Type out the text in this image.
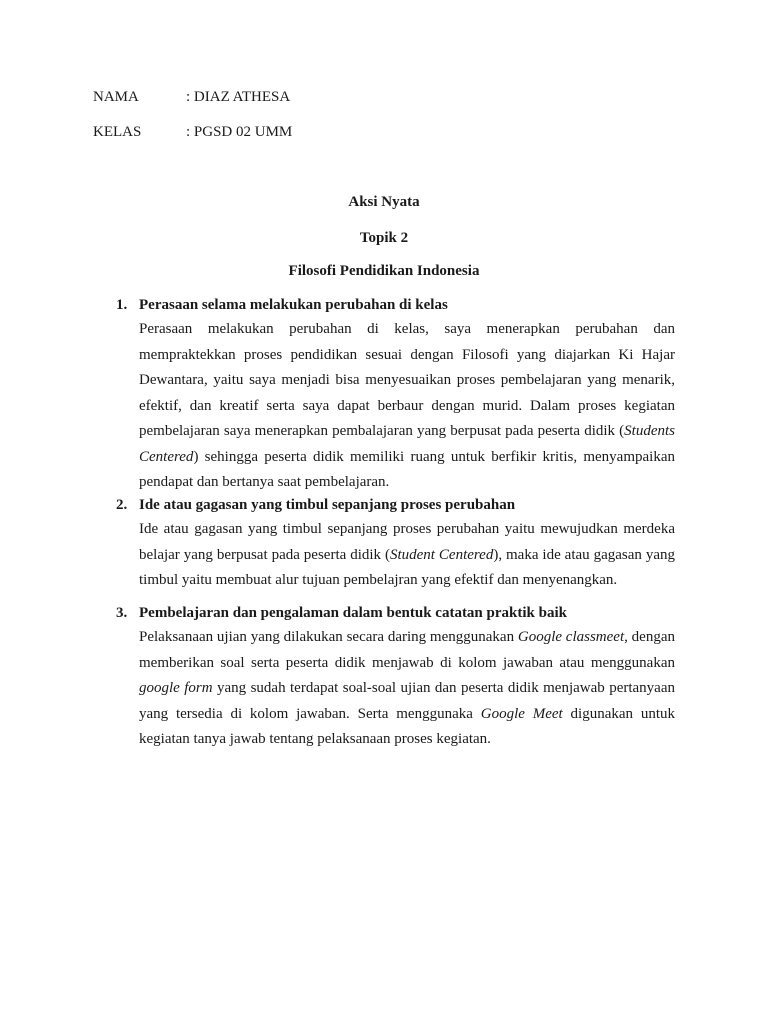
NAMA	: DIAZ ATHESA
KELAS	: PGSD 02 UMM
Aksi Nyata
Topik 2
Filosofi Pendidikan Indonesia
1. Perasaan selama melakukan perubahan di kelas
Perasaan melakukan perubahan di kelas, saya menerapkan perubahan dan mempraktekkan proses pendidikan sesuai dengan Filosofi yang diajarkan Ki Hajar Dewantara, yaitu saya menjadi bisa menyesuaikan proses pembelajaran yang menarik, efektif, dan kreatif serta saya dapat berbaur dengan murid. Dalam proses kegiatan pembelajaran saya menerapkan pembalajaran yang berpusat pada peserta didik (Students Centered) sehingga peserta didik memiliki ruang untuk berfikir kritis, menyampaikan pendapat dan bertanya saat pembelajaran.
2. Ide atau gagasan yang timbul sepanjang proses perubahan
Ide atau gagasan yang timbul sepanjang proses perubahan yaitu mewujudkan merdeka belajar yang berpusat pada peserta didik (Student Centered), maka ide atau gagasan yang timbul yaitu membuat alur tujuan pembelajran yang efektif dan menyenangkan.
3. Pembelajaran dan pengalaman dalam bentuk catatan praktik baik
Pelaksanaan ujian yang dilakukan secara daring menggunakan Google classmeet, dengan memberikan soal serta peserta didik menjawab di kolom jawaban atau menggunakan google form yang sudah terdapat soal-soal ujian dan peserta didik menjawab pertanyaan yang tersedia di kolom jawaban. Serta menggunaka Google Meet digunakan untuk kegiatan tanya jawab tentang pelaksanaan proses kegiatan.
